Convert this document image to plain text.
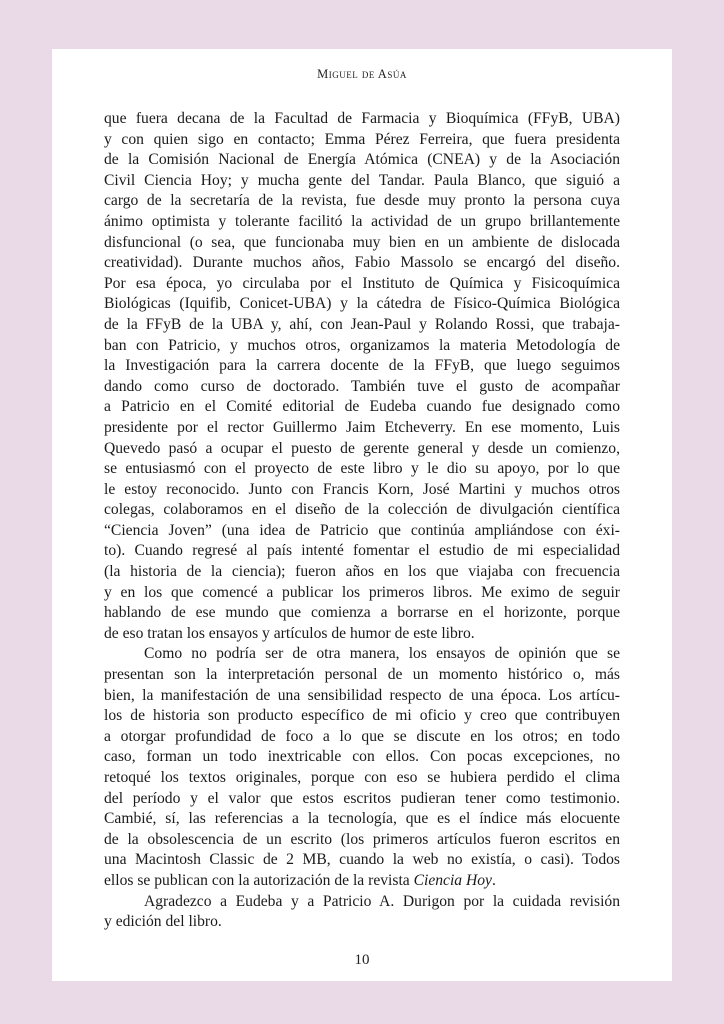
Miguel de Asúa
que fuera decana de la Facultad de Farmacia y Bioquímica (FFyB, UBA)
y con quien sigo en contacto; Emma Pérez Ferreira, que fuera presidenta
de la Comisión Nacional de Energía Atómica (CNEA) y de la Asociación
Civil Ciencia Hoy; y mucha gente del Tandar. Paula Blanco, que siguió a
cargo de la secretaría de la revista, fue desde muy pronto la persona cuya
ánimo optimista y tolerante facilitó la actividad de un grupo brillantemente
disfuncional (o sea, que funcionaba muy bien en un ambiente de dislocada
creatividad). Durante muchos años, Fabio Massolo se encargó del diseño.
Por esa época, yo circulaba por el Instituto de Química y Fisicoquímica
Biológicas (Iquifib, Conicet-UBA) y la cátedra de Físico-Química Biológica
de la FFyB de la UBA y, ahí, con Jean-Paul y Rolando Rossi, que trabaja-
ban con Patricio, y muchos otros, organizamos la materia Metodología de
la Investigación para la carrera docente de la FFyB, que luego seguimos
dando como curso de doctorado. También tuve el gusto de acompañar
a Patricio en el Comité editorial de Eudeba cuando fue designado como
presidente por el rector Guillermo Jaim Etcheverry. En ese momento, Luis
Quevedo pasó a ocupar el puesto de gerente general y desde un comienzo,
se entusiasmó con el proyecto de este libro y le dio su apoyo, por lo que
le estoy reconocido. Junto con Francis Korn, José Martini y muchos otros
colegas, colaboramos en el diseño de la colección de divulgación científica
“Ciencia Joven” (una idea de Patricio que continúa ampliándose con éxi-
to). Cuando regresé al país intenté fomentar el estudio de mi especialidad
(la historia de la ciencia); fueron años en los que viajaba con frecuencia
y en los que comencé a publicar los primeros libros. Me eximo de seguir
hablando de ese mundo que comienza a borrarse en el horizonte, porque
de eso tratan los ensayos y artículos de humor de este libro.
Como no podría ser de otra manera, los ensayos de opinión que se
presentan son la interpretación personal de un momento histórico o, más
bien, la manifestación de una sensibilidad respecto de una época. Los artícu-
los de historia son producto específico de mi oficio y creo que contribuyen
a otorgar profundidad de foco a lo que se discute en los otros; en todo
caso, forman un todo inextricable con ellos. Con pocas excepciones, no
retoqué los textos originales, porque con eso se hubiera perdido el clima
del período y el valor que estos escritos pudieran tener como testimonio.
Cambié, sí, las referencias a la tecnología, que es el índice más elocuente
de la obsolescencia de un escrito (los primeros artículos fueron escritos en
una Macintosh Classic de 2 MB, cuando la web no existía, o casi). Todos
ellos se publican con la autorización de la revista Ciencia Hoy.
Agradezco a Eudeba y a Patricio A. Durigon por la cuidada revisión
y edición del libro.
10
